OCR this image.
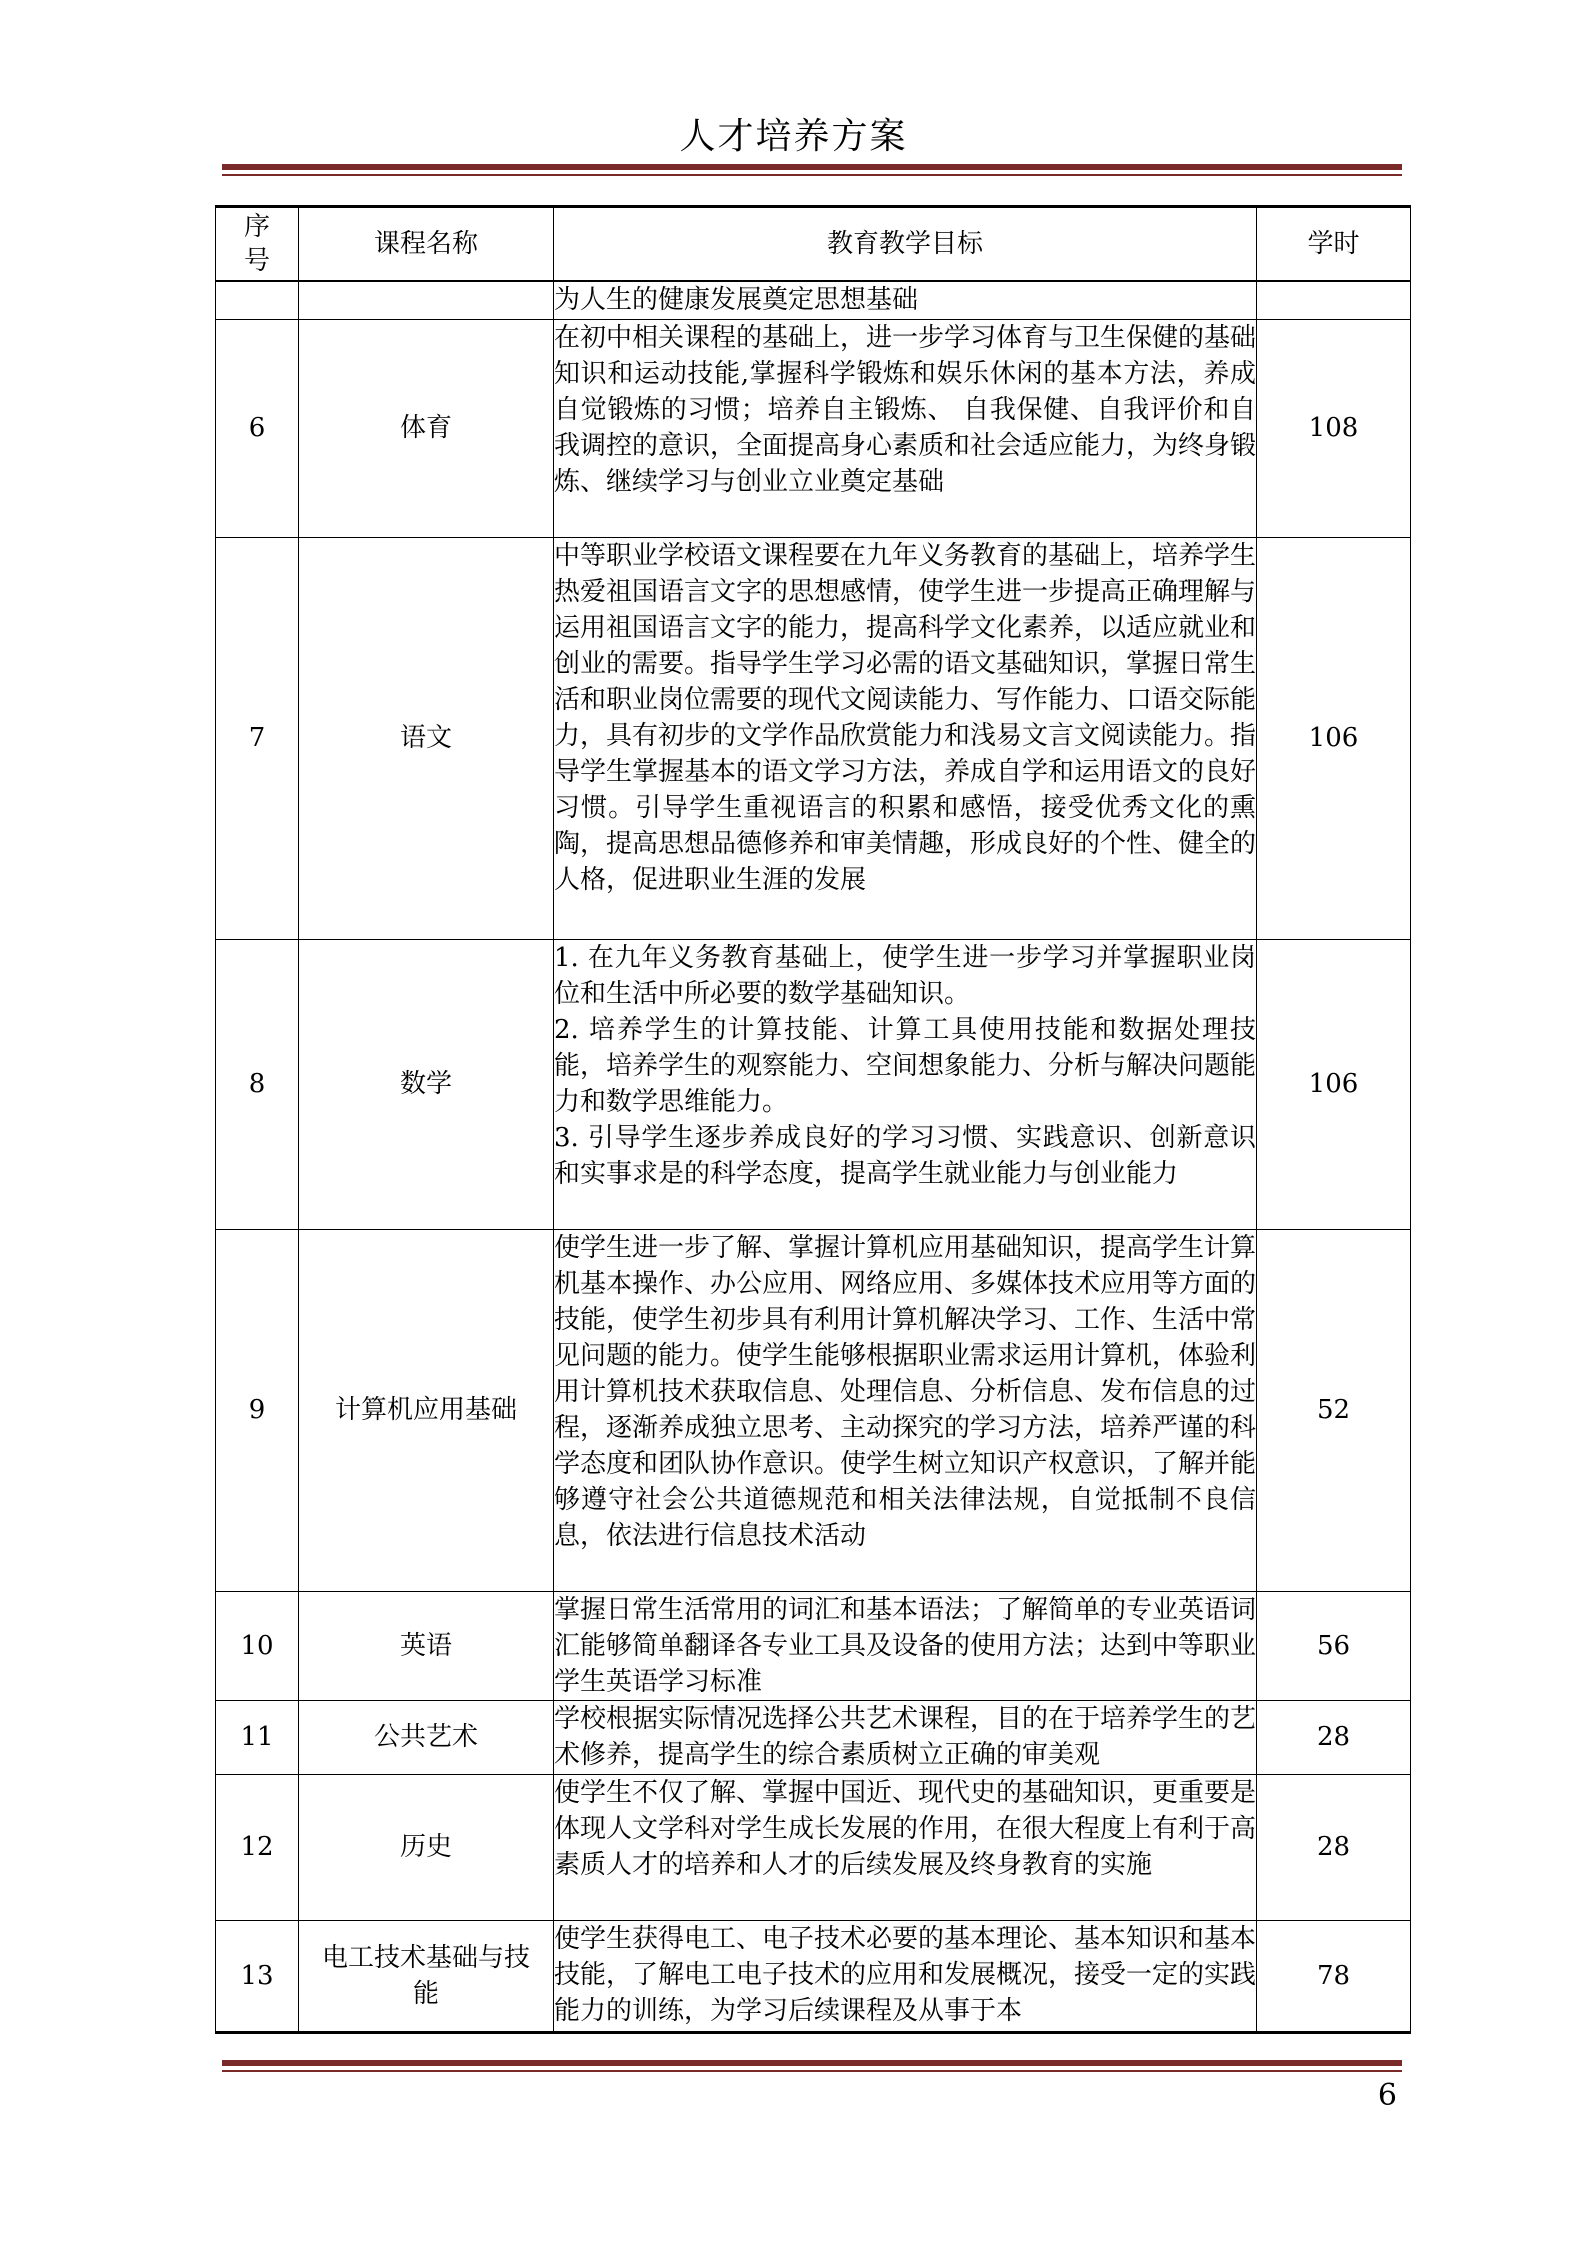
人才培养方案
序号	课程名称	教育教学目标	学时

		为人生的健康发展奠定思想基础	

6	体育	在初中相关课程的基础上，进一步学习体育与卫生保健的基础知识和运动技能,掌握科学锻炼和娱乐休闲的基本方法，养成自觉锻炼的习惯；培养自主锻炼、 自我保健、自我评价和自我调控的意识，全面提高身心素质和社会适应能力，为终身锻炼、继续学习与创业立业奠定基础	108
7	语文	中等职业学校语文课程要在九年义务教育的基础上，培养学生热爱祖国语言文字的思想感情，使学生进一步提高正确理解与运用祖国语言文字的能力，提高科学文化素养，以适应就业和创业的需要。指导学生学习必需的语文基础知识，掌握日常生活和职业岗位需要的现代文阅读能力、写作能力、口语交际能力，具有初步的文学作品欣赏能力和浅易文言文阅读能力。指导学生掌握基本的语文学习方法，养成自学和运用语文的良好习惯。引导学生重视语言的积累和感悟，接受优秀文化的熏陶，提高思想品德修养和审美情趣，形成良好的个性、健全的人格，促进职业生涯的发展	106
8	数学	1. 在九年义务教育基础上，使学生进一步学习并掌握职业岗位和生活中所必要的数学基础知识。
2. 培养学生的计算技能、计算工具使用技能和数据处理技能，培养学生的观察能力、空间想象能力、分析与解决问题能力和数学思维能力。
3. 引导学生逐步养成良好的学习习惯、实践意识、创新意识和实事求是的科学态度，提高学生就业能力与创业能力	106
9	计算机应用基础	使学生进一步了解、掌握计算机应用基础知识，提高学生计算机基本操作、办公应用、网络应用、多媒体技术应用等方面的技能，使学生初步具有利用计算机解决学习、工作、生活中常见问题的能力。使学生能够根据职业需求运用计算机，体验利用计算机技术获取信息、处理信息、分析信息、发布信息的过程，逐渐养成独立思考、主动探究的学习方法，培养严谨的科学态度和团队协作意识。使学生树立知识产权意识，了解并能够遵守社会公共道德规范和相关法律法规，自觉抵制不良信息，依法进行信息技术活动	52
10	英语	掌握日常生活常用的词汇和基本语法；了解简单的专业英语词汇能够简单翻译各专业工具及设备的使用方法；达到中等职业学生英语学习标准	56
11	公共艺术	学校根据实际情况选择公共艺术课程，目的在于培养学生的艺术修养，提高学生的综合素质树立正确的审美观	28
12	历史	使学生不仅了解、掌握中国近、现代史的基础知识，更重要是体现人文学科对学生成长发展的作用，在很大程度上有利于高素质人才的培养和人才的后续发展及终身教育的实施	28
13	电工技术基础与技能	使学生获得电工、电子技术必要的基本理论、基本知识和基本技能，了解电工电子技术的应用和发展概况，接受一定的实践能力的训练，为学习后续课程及从事于本	78
6
